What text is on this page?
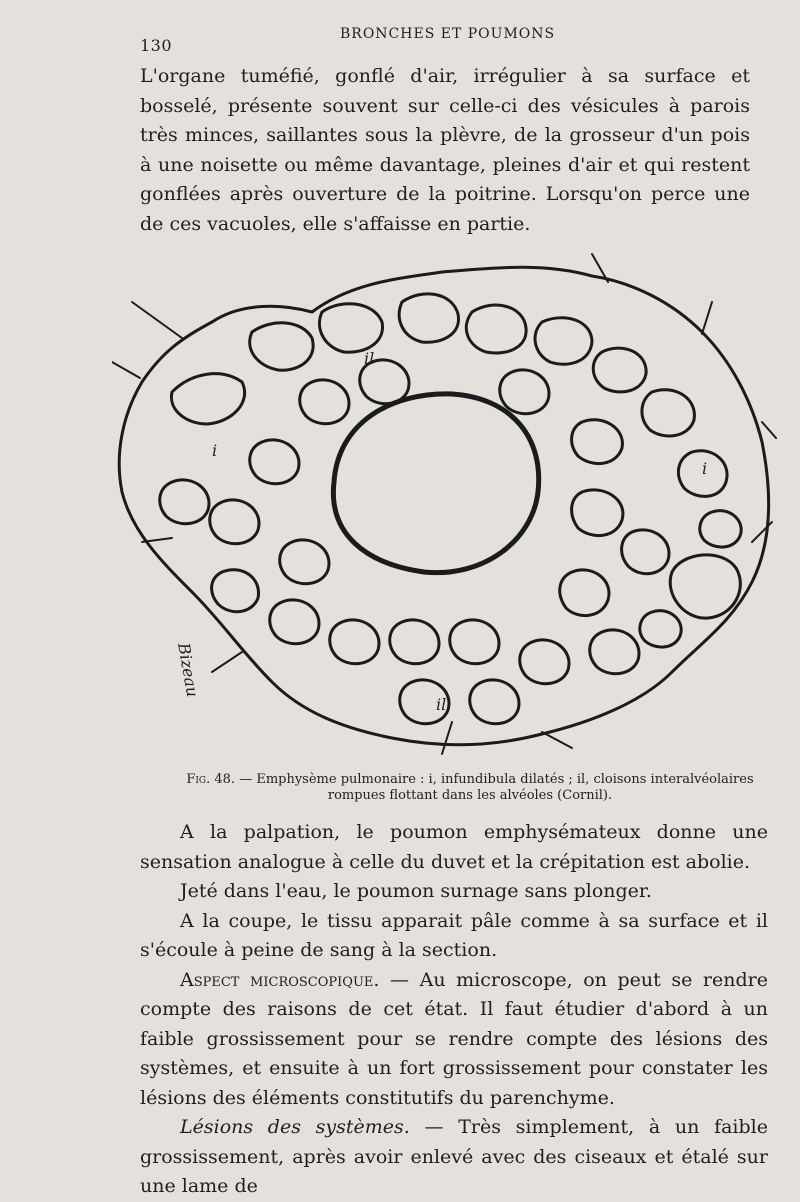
130
BRONCHES ET POUMONS

L'organe tuméfié, gonflé d'air, irrégulier à sa surface et bosselé, présente souvent sur celle-ci des vésicules à parois très minces, saillantes sous la plèvre, de la grosseur d'un pois à une noisette ou même davantage, pleines d'air et qui restent gonflées après ouverture de la poitrine. Lorsqu'on perce une de ces vacuoles, elle s'affaisse en partie.

il
i
i
il
Bizeau
Fig. 48. — Emphysème pulmonaire : i, infundibula dilatés ; il, cloisons interalvéolaires rompues flottant dans les alvéoles (Cornil).

A la palpation, le poumon emphysémateux donne une sensation analogue à celle du duvet et la crépitation est abolie.

Jeté dans l'eau, le poumon surnage sans plonger.

A la coupe, le tissu apparait pâle comme à sa surface et il s'écoule à peine de sang à la section.

Aspect microscopique. — Au microscope, on peut se rendre compte des raisons de cet état. Il faut étudier d'abord à un faible grossissement pour se rendre compte des lésions des systèmes, et ensuite à un fort grossissement pour constater les lésions des éléments constitutifs du parenchyme.

Lésions des systèmes. — Très simplement, à un faible grossissement, après avoir enlevé avec des ciseaux et étalé sur une lame de
